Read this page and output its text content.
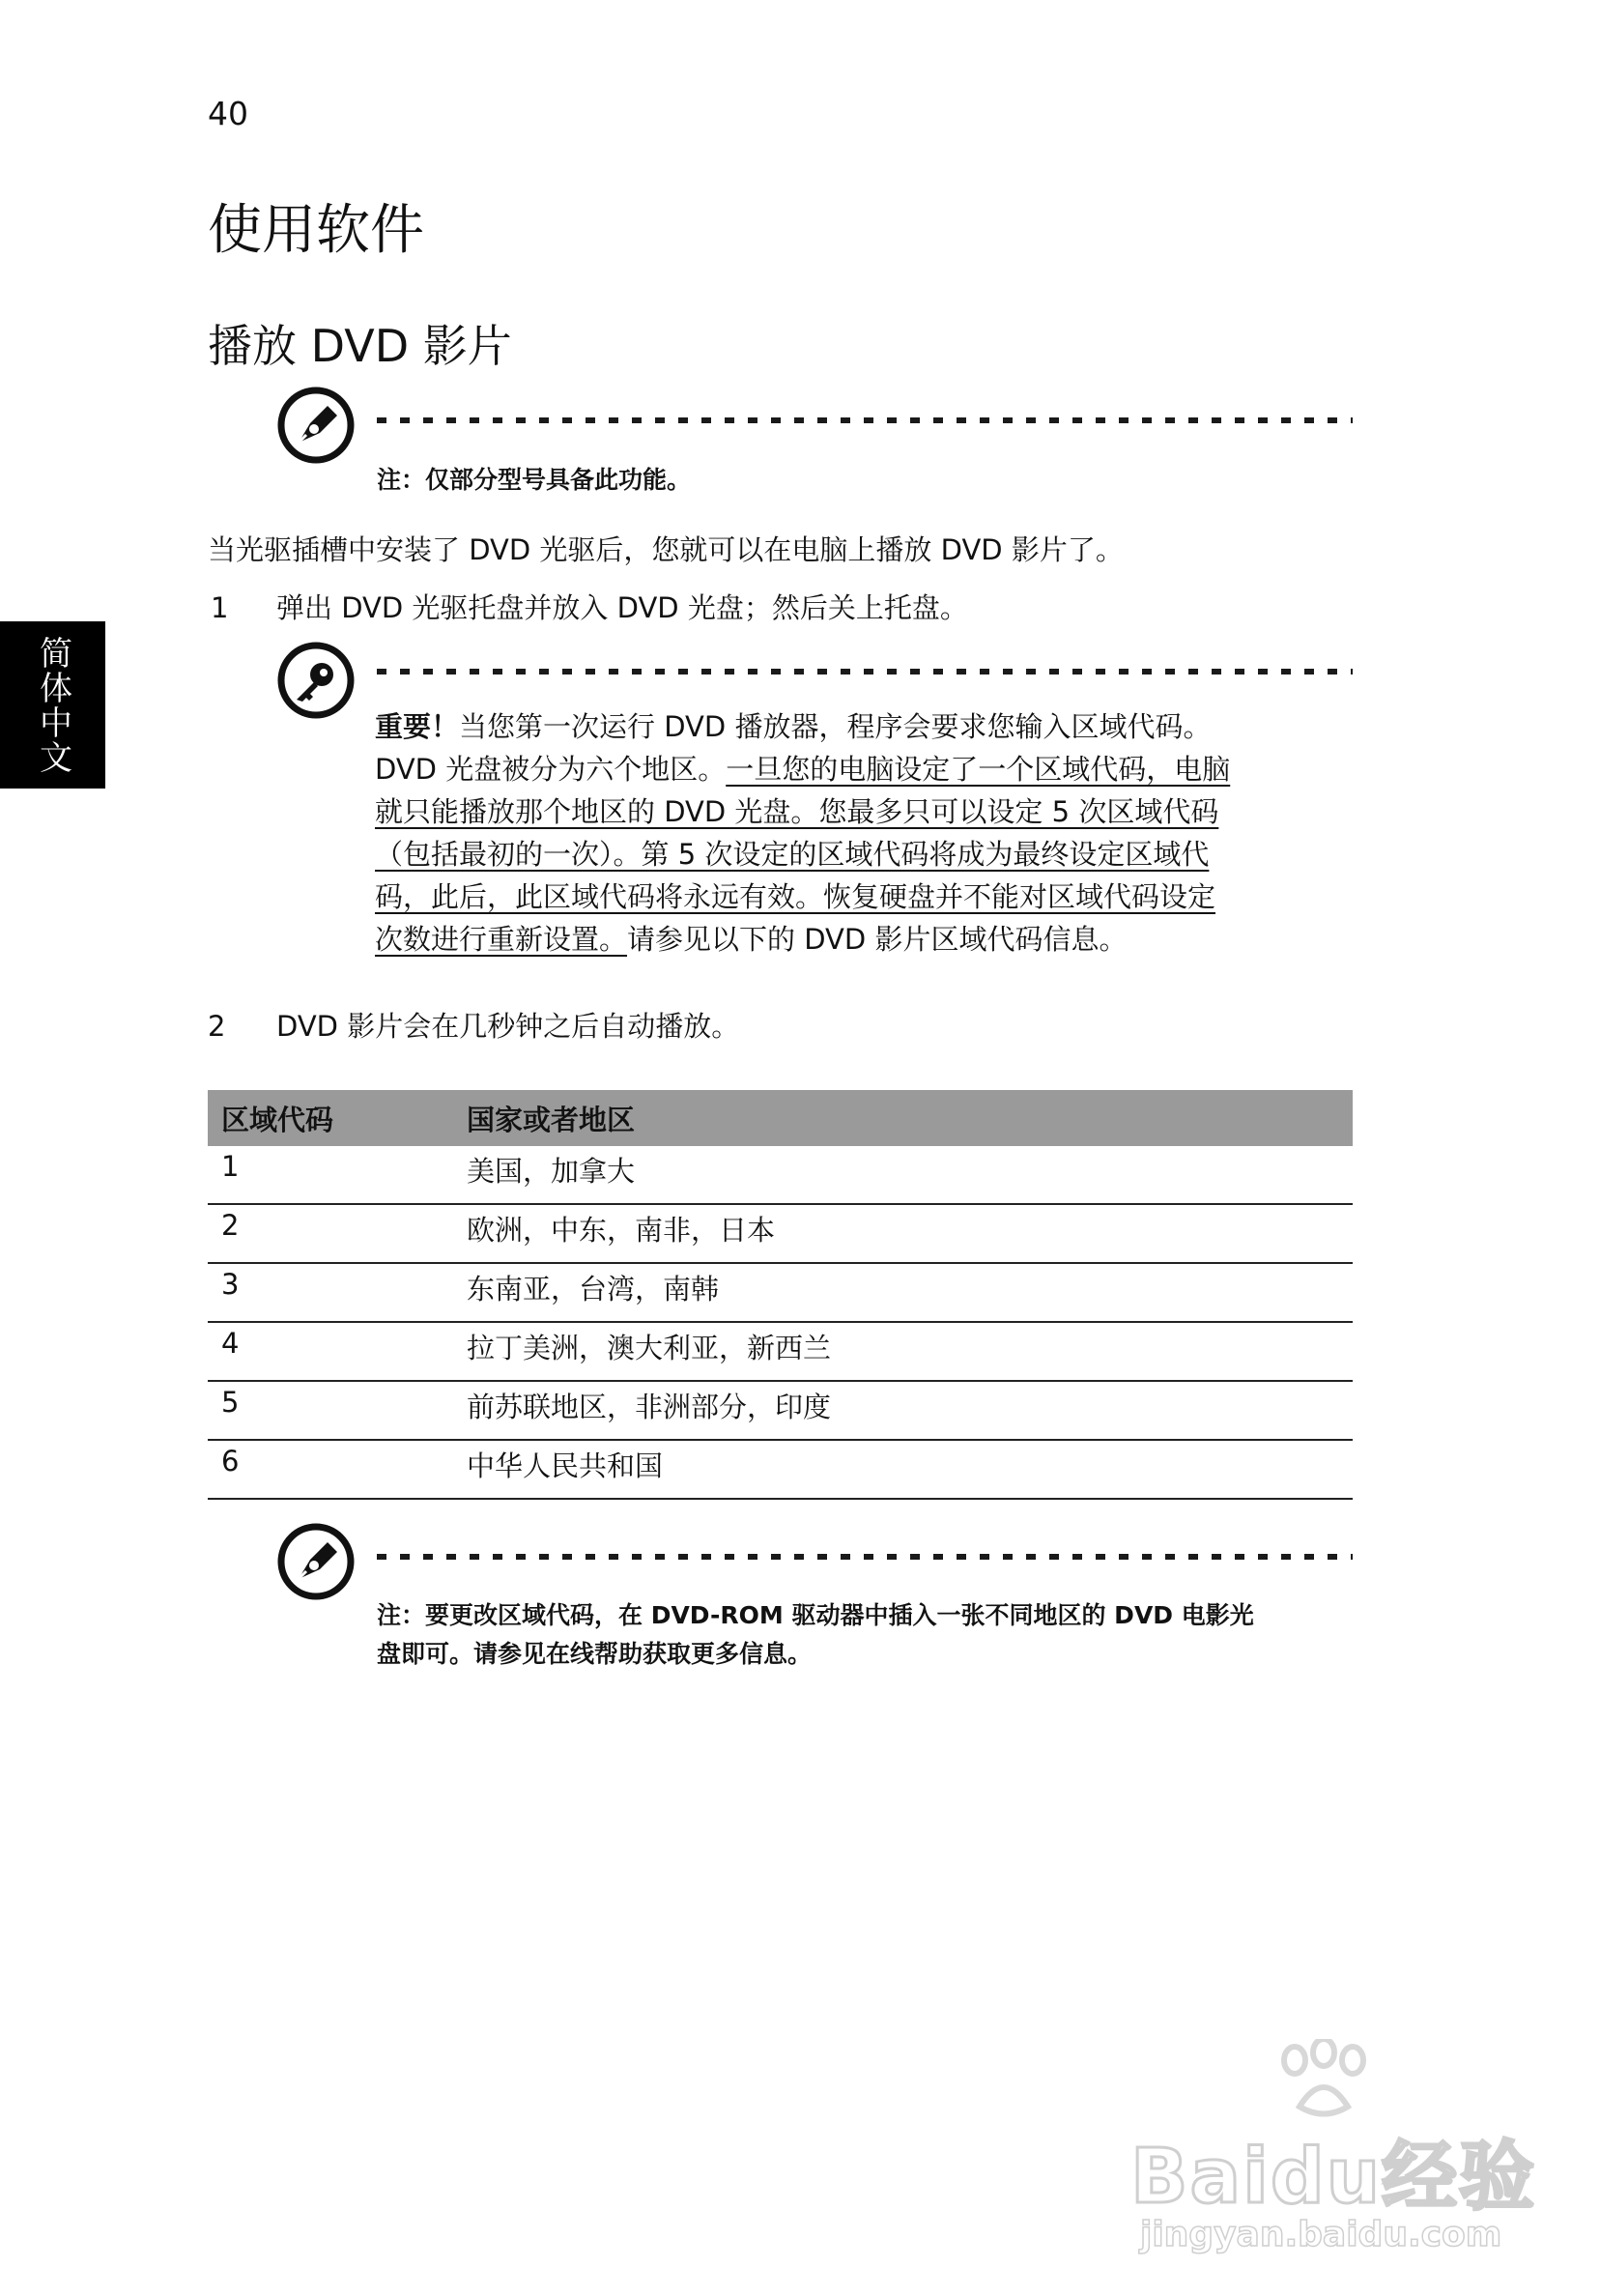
40
简体中文
使用软件
播放 DVD 影片
注：仅部分型号具备此功能。
当光驱插槽中安装了 DVD 光驱后，您就可以在电脑上播放 DVD 影片了。
1 弹出 DVD 光驱托盘并放入 DVD 光盘；然后关上托盘。
重要！当您第一次运行 DVD 播放器，程序会要求您输入区域代码。
DVD 光盘被分为六个地区。一旦您的电脑设定了一个区域代码，电脑
就只能播放那个地区的 DVD 光盘。您最多只可以设定 5 次区域代码
（包括最初的一次）。第 5 次设定的区域代码将成为最终设定区域代
码，此后，此区域代码将永远有效。恢复硬盘并不能对区域代码设定
次数进行重新设置。请参见以下的 DVD 影片区域代码信息。
2 DVD 影片会在几秒钟之后自动播放。
区域代码	国家或者地区
1	美国，加拿大
2	欧洲，中东，南非，日本
3	东南亚，台湾，南韩
4	拉丁美洲，澳大利亚，新西兰
5	前苏联地区，非洲部分，印度
6	中华人民共和国
注：要更改区域代码，在 DVD-ROM 驱动器中插入一张不同地区的 DVD 电影光
盘即可。请参见在线帮助获取更多信息。
Baidu经验
jingyan.baidu.com
